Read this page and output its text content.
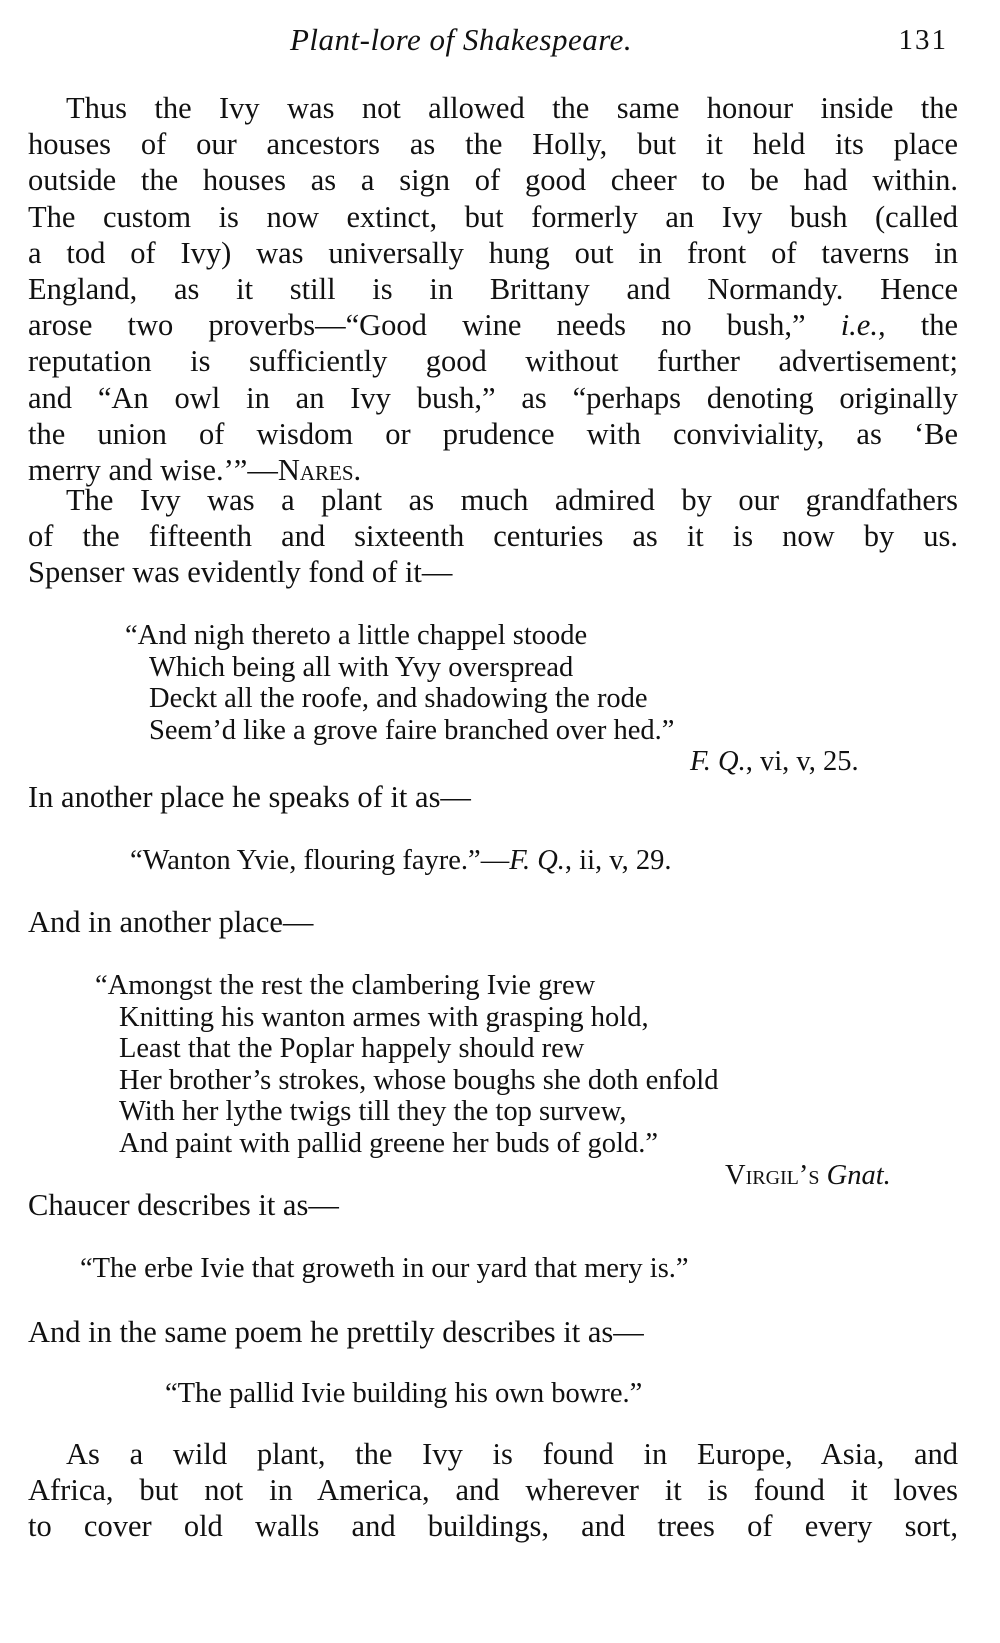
Plant-lore of Shakespeare.	131
Thus the Ivy was not allowed the same honour inside the
houses of our ancestors as the Holly, but it held its place
outside the houses as a sign of good cheer to be had within.
The custom is now extinct, but formerly an Ivy bush (called
a tod of Ivy) was universally hung out in front of taverns in
England, as it still is in Brittany and Normandy. Hence
arose two proverbs—“Good wine needs no bush,” i.e., the
reputation is sufficiently good without further advertisement;
and “An owl in an Ivy bush,” as “perhaps denoting originally
the union of wisdom or prudence with conviviality, as ‘Be
merry and wise.’”—Nares.
The Ivy was a plant as much admired by our grandfathers
of the fifteenth and sixteenth centuries as it is now by us.
Spenser was evidently fond of it—
“And nigh thereto a little chappel stoode
Which being all with Yvy overspread
Deckt all the roofe, and shadowing the rode
Seem’d like a grove faire branched over hed.”
F. Q., vi, v, 25.
In another place he speaks of it as—
“Wanton Yvie, flouring fayre.”—F. Q., ii, v, 29.
And in another place—
“Amongst the rest the clambering Ivie grew
Knitting his wanton armes with grasping hold,
Least that the Poplar happely should rew
Her brother’s strokes, whose boughs she doth enfold
With her lythe twigs till they the top survew,
And paint with pallid greene her buds of gold.”
Virgil’s Gnat.
Chaucer describes it as—
“The erbe Ivie that groweth in our yard that mery is.”
And in the same poem he prettily describes it as—
“The pallid Ivie building his own bowre.”
As a wild plant, the Ivy is found in Europe, Asia, and
Africa, but not in America, and wherever it is found it loves
to cover old walls and buildings, and trees of every sort,
